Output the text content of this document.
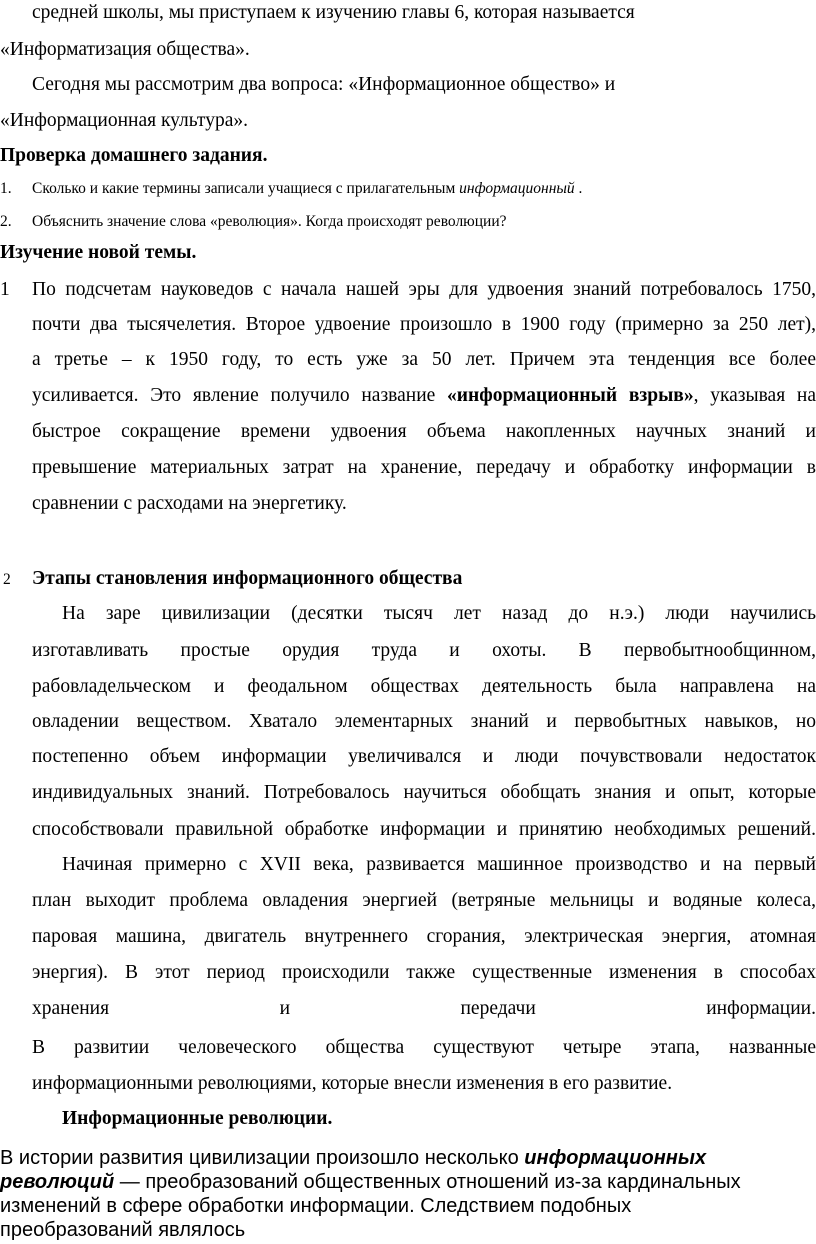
средней школы, мы приступаем к изучению главы 6, которая называется
«Информатизация общества».
Сегодня мы рассмотрим два вопроса: «Информационное общество» и
«Информационная культура».
Проверка домашнего задания.
1. Сколько и какие термины записали учащиеся с прилагательным информационный .
2. Объяснить значение слова «революция». Когда происходят революции?
Изучение новой темы.
1 По подсчетам науковедов с начала нашей эры для удвоения знаний потребовалось 1750,
почти два тысячелетия. Второе удвоение произошло в 1900 году (примерно за 250 лет),
а третье – к 1950 году, то есть уже за 50 лет. Причем эта тенденция все более
усиливается. Это явление получило название «информационный взрыв», указывая на
быстрое сокращение времени удвоения объема накопленных научных знаний и
превышение материальных затрат на хранение, передачу и обработку информации в
сравнении с расходами на энергетику.
2 Этапы становления информационного общества
На заре цивилизации (десятки тысяч лет назад до н.э.) люди научились
изготавливать простые орудия труда и охоты. В первобытнообщинном,
рабовладельческом и феодальном обществах деятельность была направлена на
овладении веществом. Хватало элементарных знаний и первобытных навыков, но
постепенно объем информации увеличивался и люди почувствовали недостаток
индивидуальных знаний. Потребовалось научиться обобщать знания и опыт, которые
способствовали правильной обработке информации и принятию необходимых решений.
Начиная примерно с XVII века, развивается машинное производство и на первый
план выходит проблема овладения энергией (ветряные мельницы и водяные колеса,
паровая машина, двигатель внутреннего сгорания, электрическая энергия, атомная
энергия). В этот период происходили также существенные изменения в способах
хранения и передачи информации.
В развитии человеческого общества существуют четыре этапа, названные
информационными революциями, которые внесли изменения в его развитие.
Информационные революции.
В истории развития цивилизации произошло несколько информационных
революций — преобразований общественных отношений из-за кардинальных
изменений в сфере обработки информации. Следствием подобных
преобразований являлось
